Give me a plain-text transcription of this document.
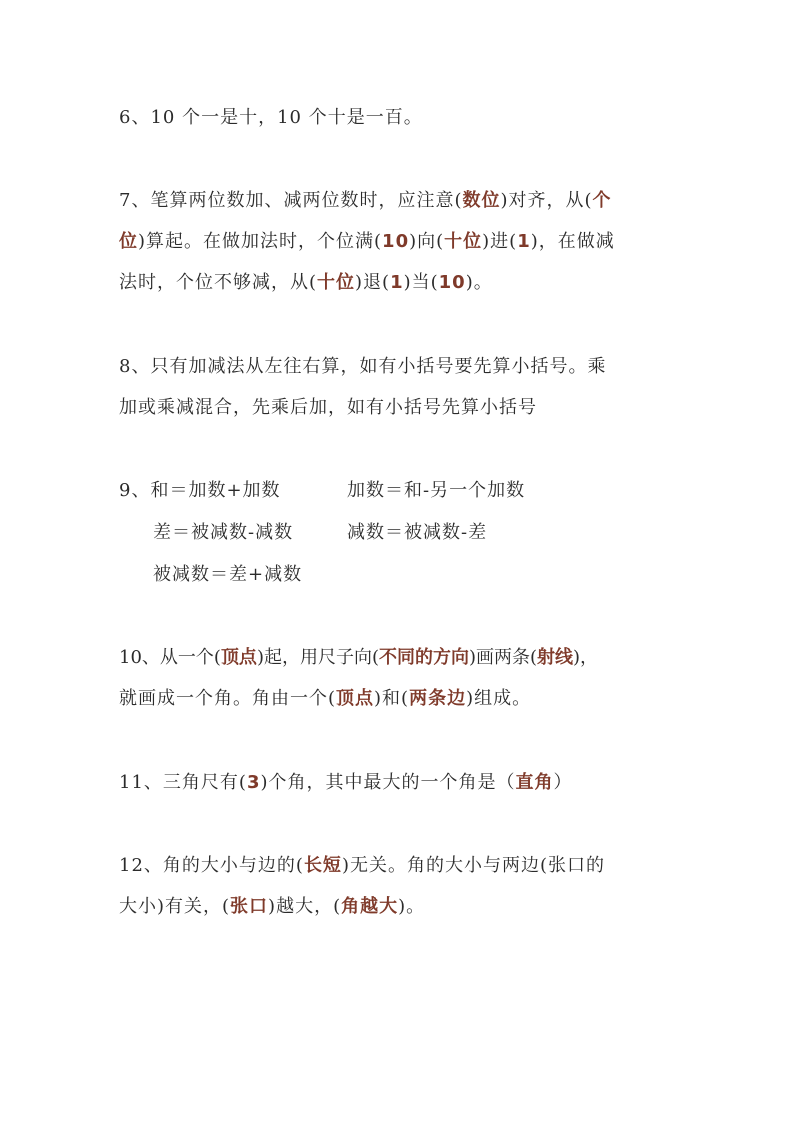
6、10 个一是十，10 个十是一百。
7、笔算两位数加、减两位数时，应注意(数位)对齐，从(个
位)算起。在做加法时，个位满(10)向(十位)进(1)，在做减
法时，个位不够减，从(十位)退(1)当(10)。
8、只有加减法从左往右算，如有小括号要先算小括号。乘
加或乘减混合，先乘后加，如有小括号先算小括号
9、和＝加数+加数	加数＝和-另一个加数
差＝被减数-减数	减数＝被减数-差
被减数＝差+减数
10、从一个(顶点)起，用尺子向(不同的方向)画两条(射线)，
就画成一个角。角由一个(顶点)和(两条边)组成。
11、三角尺有(3)个角，其中最大的一个角是（直角）
12、角的大小与边的(长短)无关。角的大小与两边(张口的
大小)有关，(张口)越大，(角越大)。
